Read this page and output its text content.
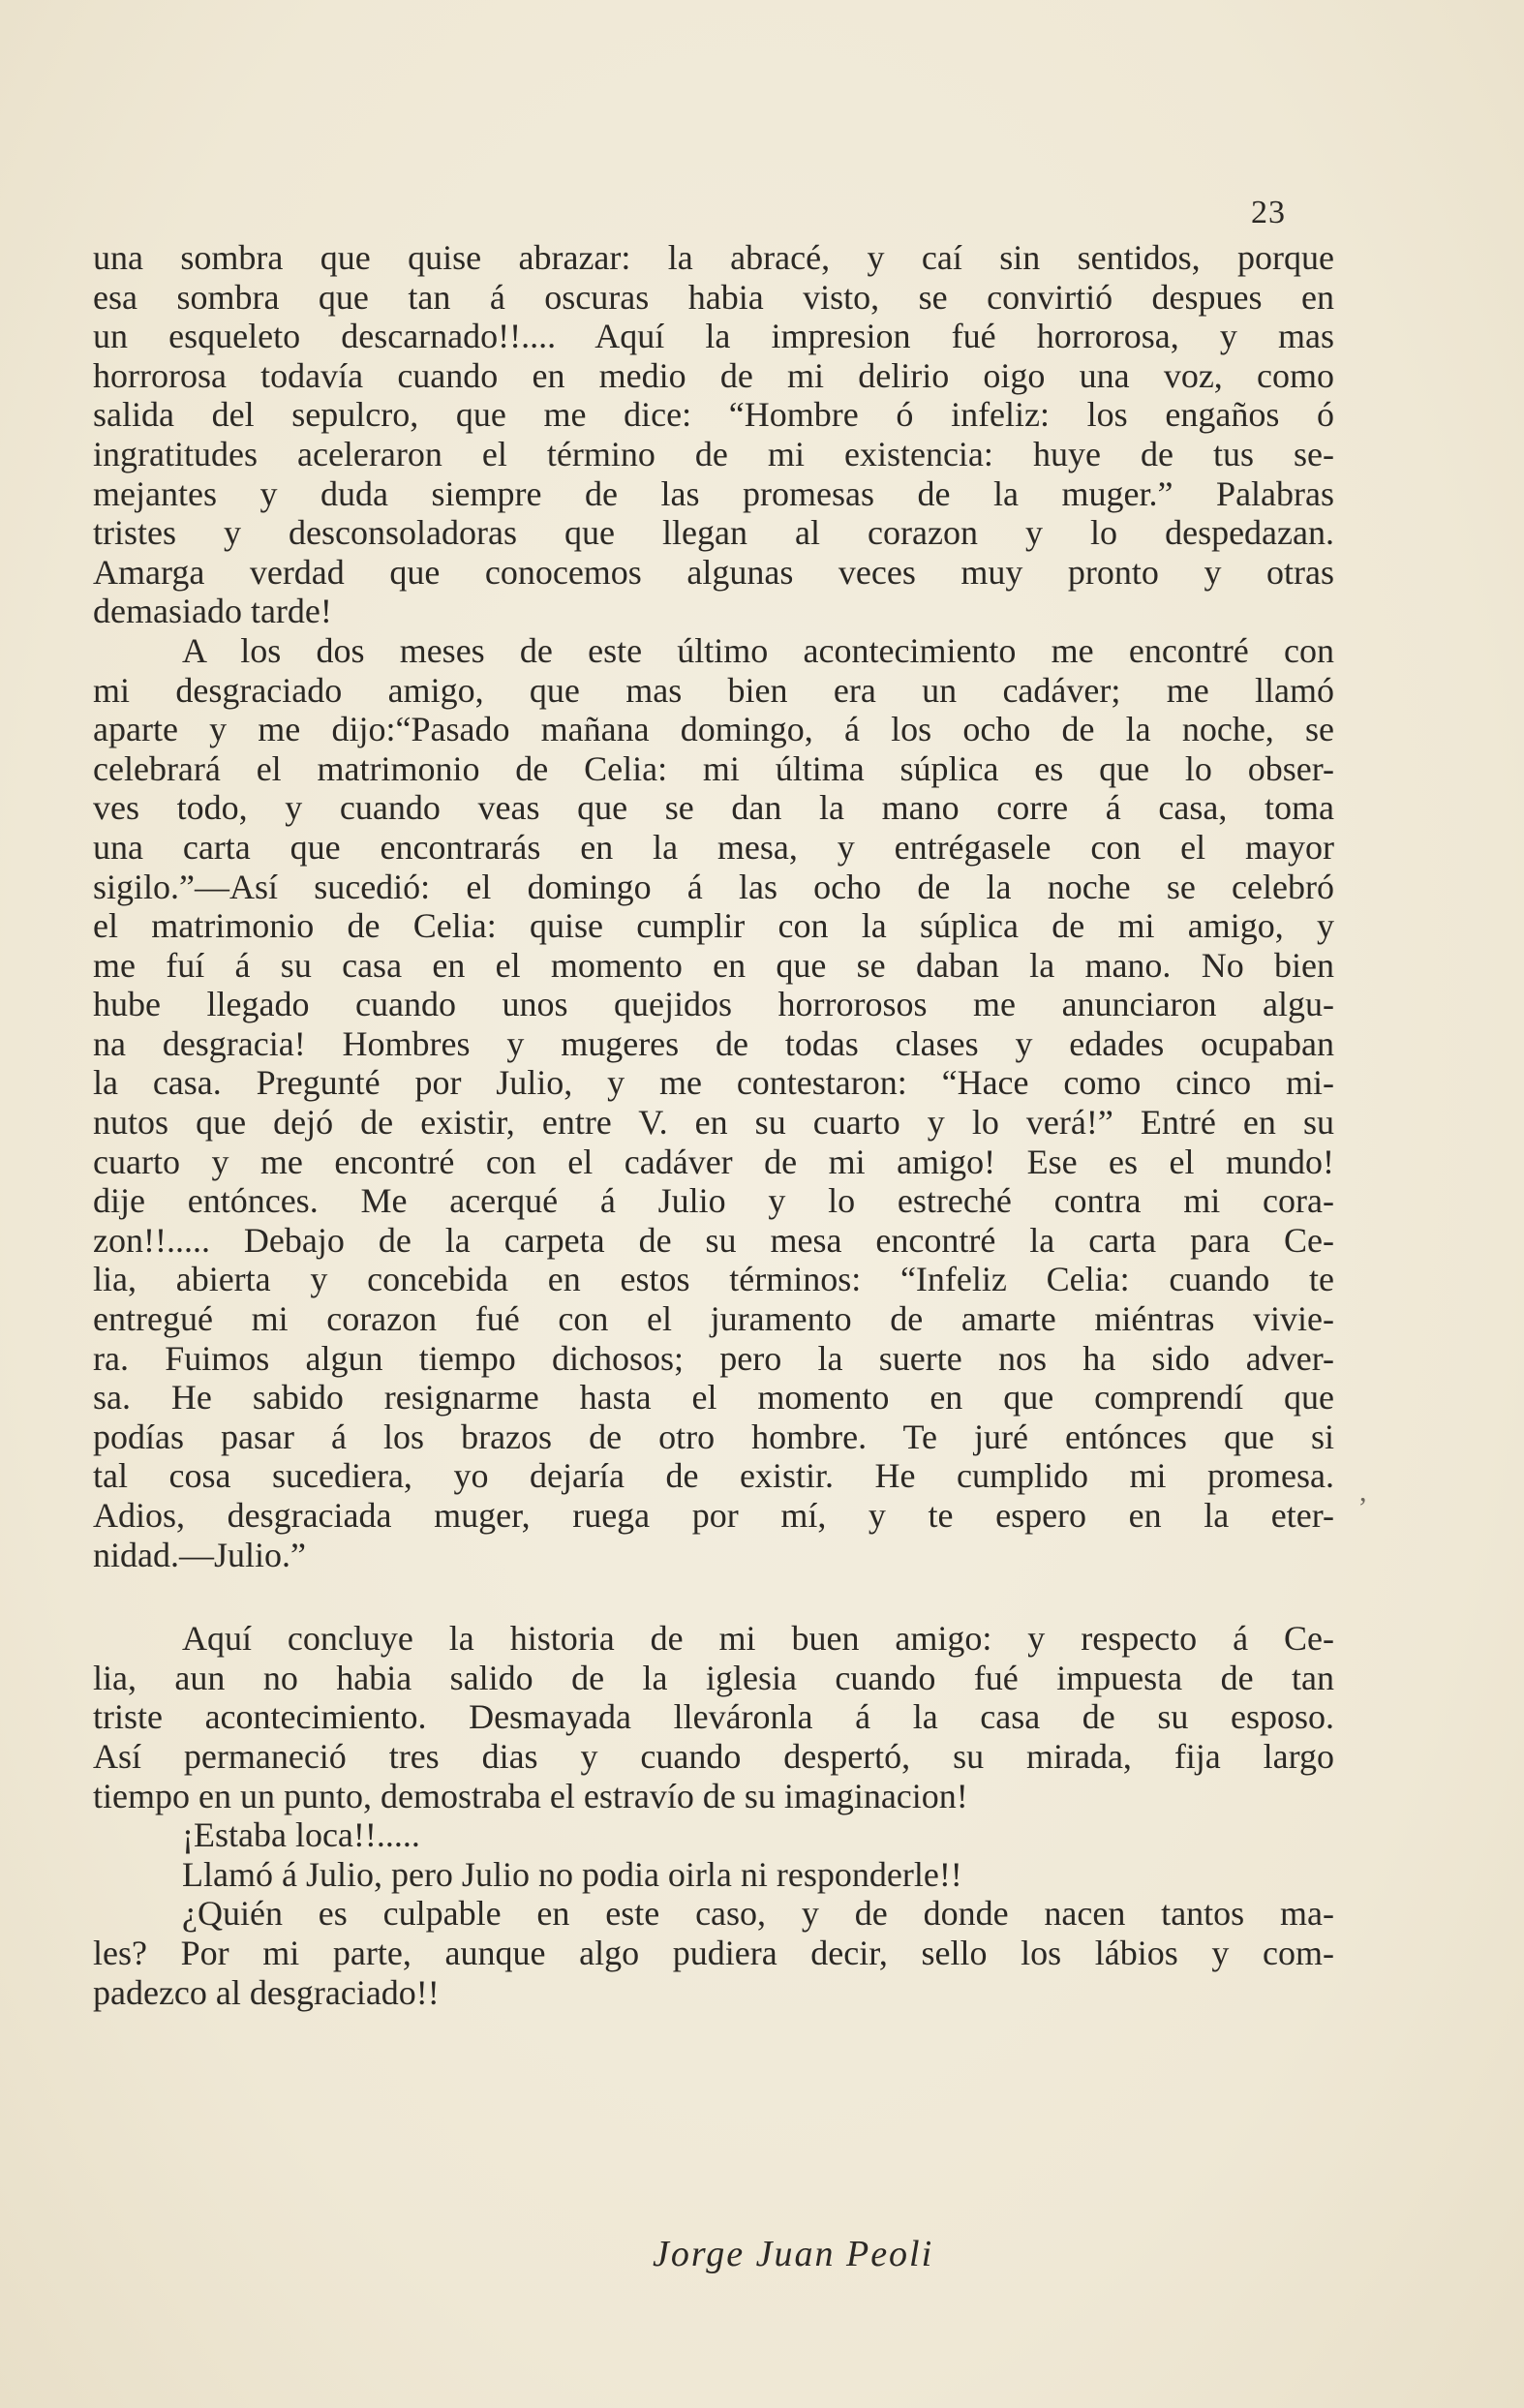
23
una sombra que quise abrazar: la abracé, y caí sin sentidos, porque
esa sombra que tan á oscuras habia visto, se convirtió despues en
un esqueleto descarnado!!.... Aquí la impresion fué horrorosa, y mas
horrorosa todavía cuando en medio de mi delirio oigo una voz, como
salida del sepulcro, que me dice: “Hombre ó infeliz: los engaños ó
ingratitudes aceleraron el término de mi existencia: huye de tus se-
mejantes y duda siempre de las promesas de la muger.” Palabras
tristes y desconsoladoras que llegan al corazon y lo despedazan.
Amarga verdad que conocemos algunas veces muy pronto y otras
demasiado tarde!
A los dos meses de este último acontecimiento me encontré con
mi desgraciado amigo, que mas bien era un cadáver; me llamó
aparte y me dijo:“Pasado mañana domingo, á los ocho de la noche, se
celebrará el matrimonio de Celia: mi última súplica es que lo obser-
ves todo, y cuando veas que se dan la mano corre á casa, toma
una carta que encontrarás en la mesa, y entrégasele con el mayor
sigilo.”—Así sucedió: el domingo á las ocho de la noche se celebró
el matrimonio de Celia: quise cumplir con la súplica de mi amigo, y
me fuí á su casa en el momento en que se daban la mano. No bien
hube llegado cuando unos quejidos horrorosos me anunciaron algu-
na desgracia! Hombres y mugeres de todas clases y edades ocupaban
la casa. Pregunté por Julio, y me contestaron: “Hace como cinco mi-
nutos que dejó de existir, entre V. en su cuarto y lo verá!” Entré en su
cuarto y me encontré con el cadáver de mi amigo! Ese es el mundo!
dije entónces. Me acerqué á Julio y lo estreché contra mi cora-
zon!!..... Debajo de la carpeta de su mesa encontré la carta para Ce-
lia, abierta y concebida en estos términos: “Infeliz Celia: cuando te
entregué mi corazon fué con el juramento de amarte miéntras vivie-
ra. Fuimos algun tiempo dichosos; pero la suerte nos ha sido adver-
sa. He sabido resignarme hasta el momento en que comprendí que
podías pasar á los brazos de otro hombre. Te juré entónces que si
tal cosa sucediera, yo dejaría de existir. He cumplido mi promesa.
Adios, desgraciada muger, ruega por mí, y te espero en la eter-
nidad.—Julio.”
Aquí concluye la historia de mi buen amigo: y respecto á Ce-
lia, aun no habia salido de la iglesia cuando fué impuesta de tan
triste acontecimiento. Desmayada lleváronla á la casa de su esposo.
Así permaneció tres dias y cuando despertó, su mirada, fija largo
tiempo en un punto, demostraba el estravío de su imaginacion!
¡Estaba loca!!.....
Llamó á Julio, pero Julio no podia oirla ni responderle!!
¿Quién es culpable en este caso, y de donde nacen tantos ma-
les? Por mi parte, aunque algo pudiera decir, sello los lábios y com-
padezco al desgraciado!!
,
Jorge Juan Peoli
